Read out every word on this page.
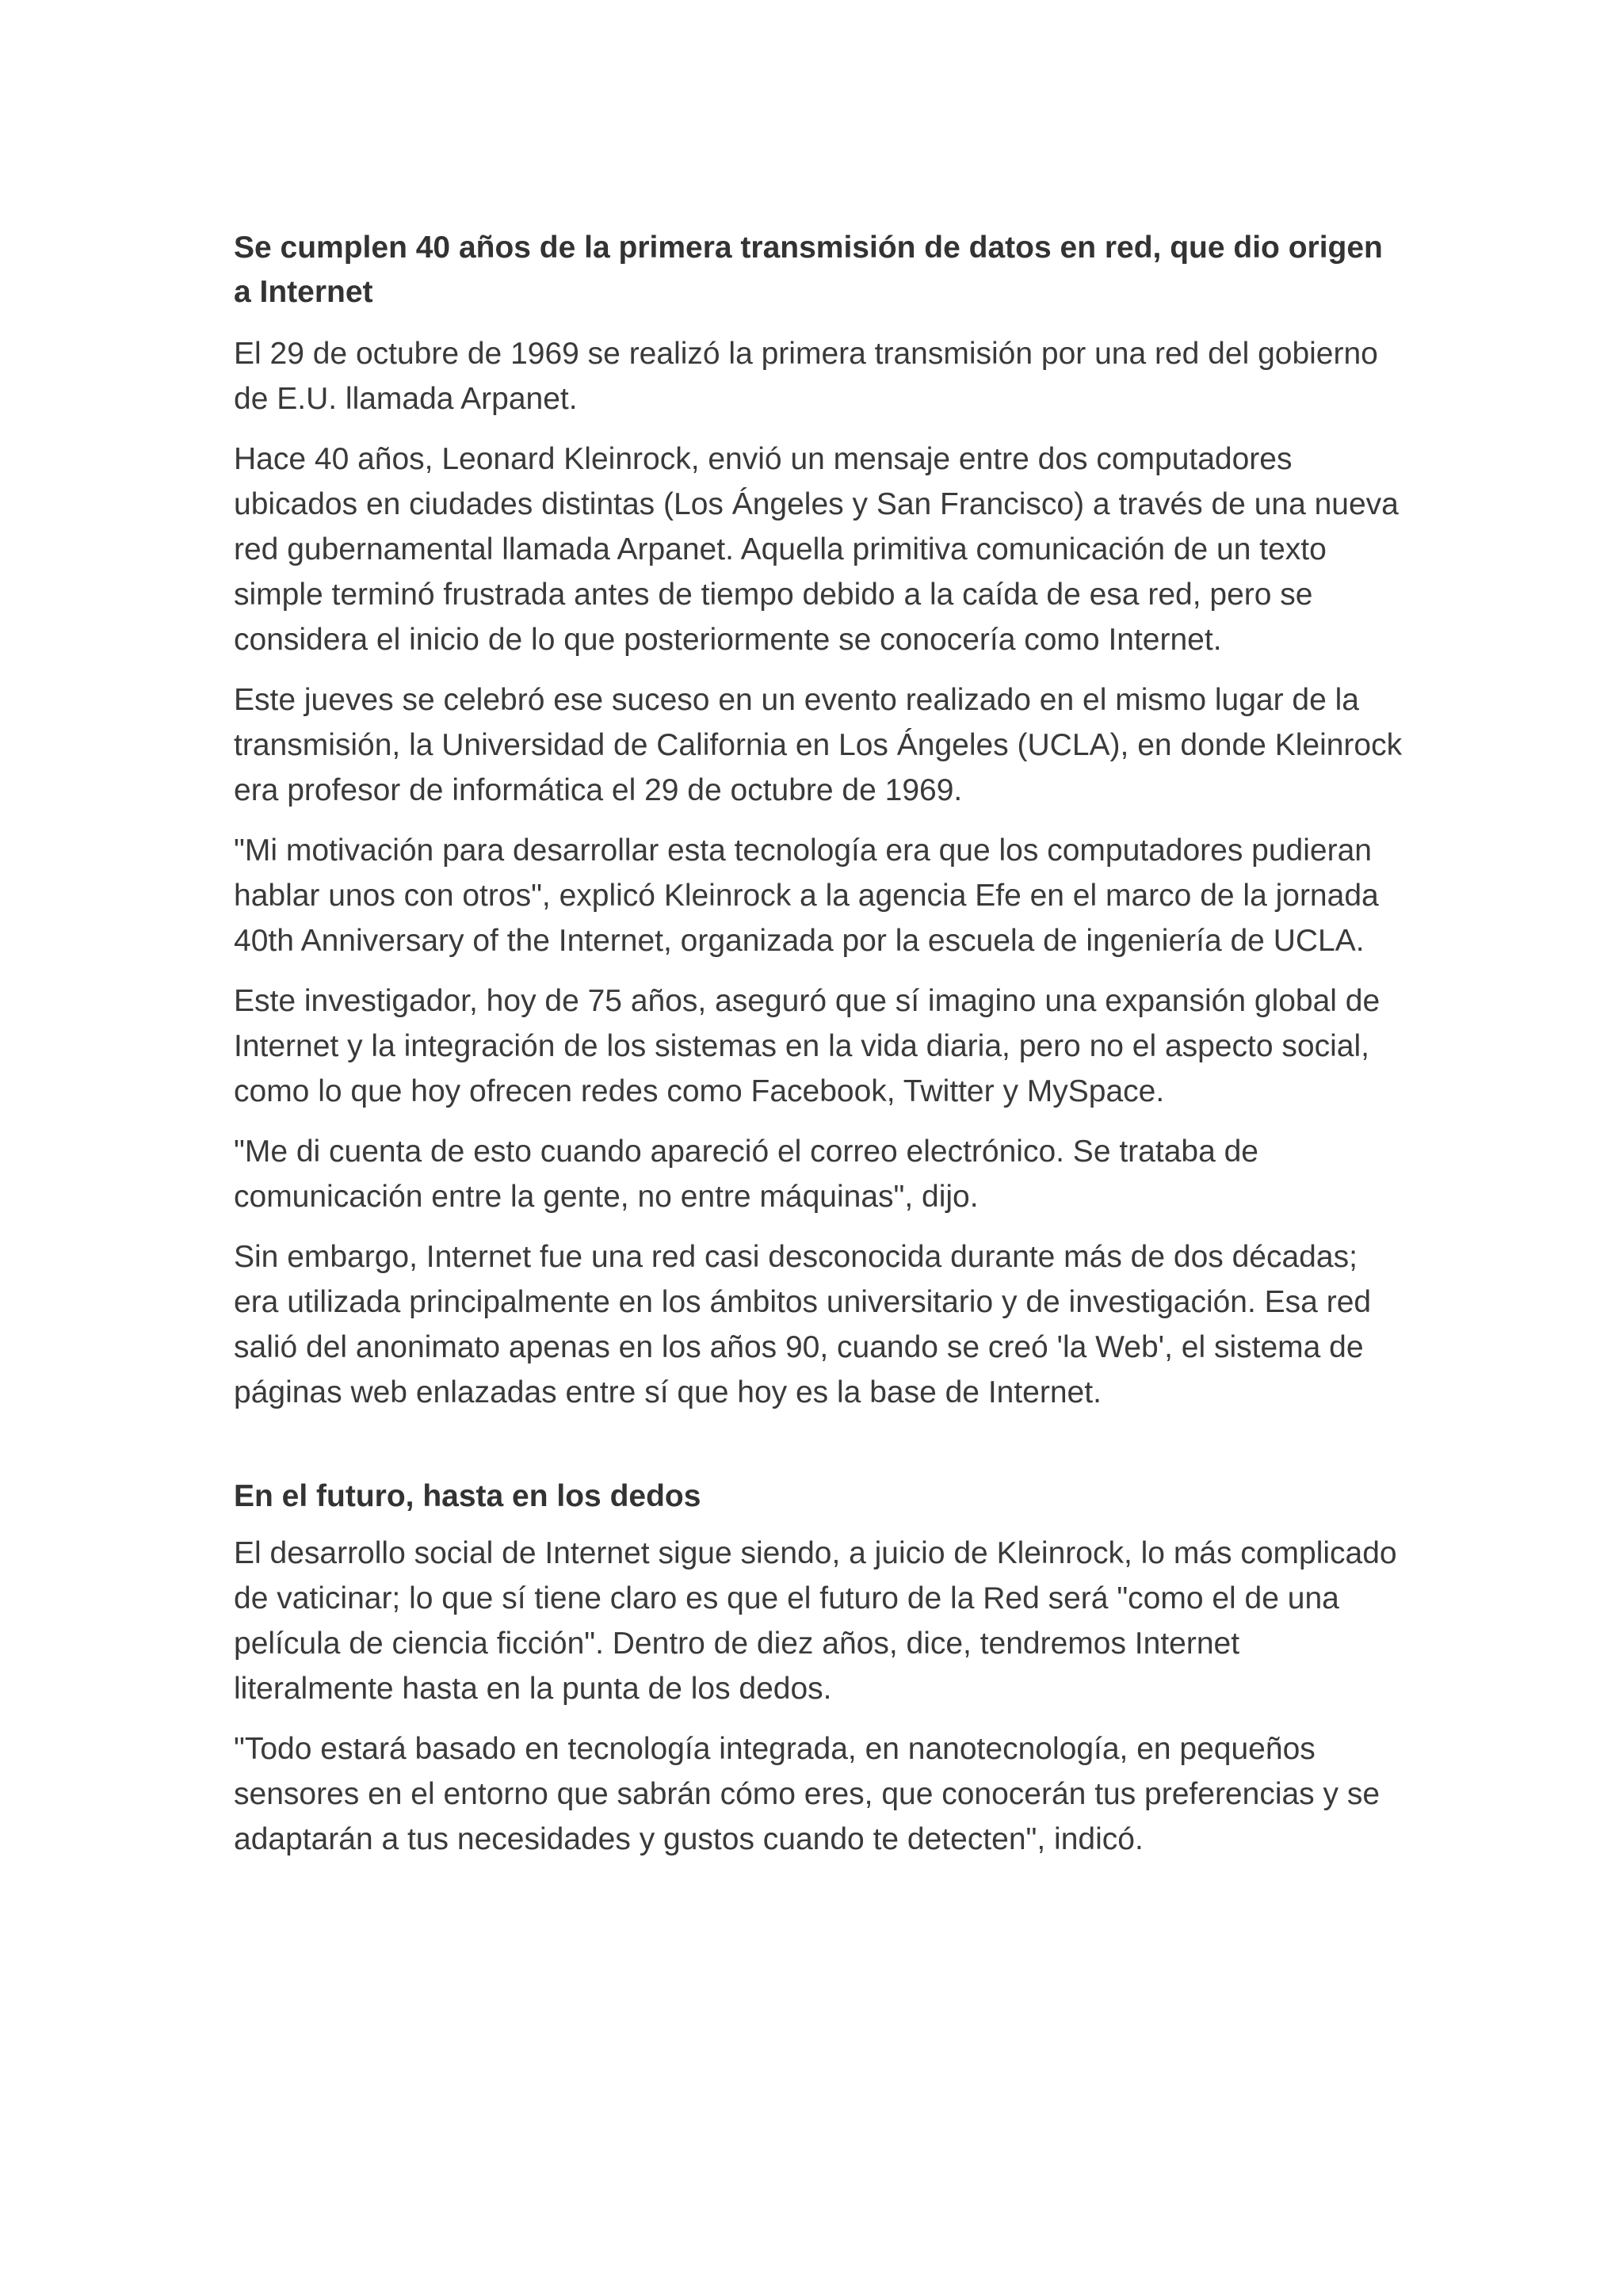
Se cumplen 40 años de la primera transmisión de datos en red, que dio origen a Internet

El 29 de octubre de 1969 se realizó la primera transmisión por una red del gobierno de E.U. llamada Arpanet.

Hace 40 años, Leonard Kleinrock, envió un mensaje entre dos computadores ubicados en ciudades distintas (Los Ángeles y San Francisco) a través de una nueva red gubernamental llamada Arpanet. Aquella primitiva comunicación de un texto simple terminó frustrada antes de tiempo debido a la caída de esa red, pero se considera el inicio de lo que posteriormente se conocería como Internet.

Este jueves se celebró ese suceso en un evento realizado en el mismo lugar de la transmisión, la Universidad de California en Los Ángeles (UCLA), en donde Kleinrock era profesor de informática el 29 de octubre de 1969.

"Mi motivación para desarrollar esta tecnología era que los computadores pudieran hablar unos con otros", explicó Kleinrock a la agencia Efe en el marco de la jornada 40th Anniversary of the Internet, organizada por la escuela de ingeniería de UCLA.

Este investigador, hoy de 75 años, aseguró que sí imagino una expansión global de Internet y la integración de los sistemas en la vida diaria, pero no el aspecto social, como lo que hoy ofrecen redes como Facebook, Twitter y MySpace.

"Me di cuenta de esto cuando apareció el correo electrónico. Se trataba de comunicación entre la gente, no entre máquinas", dijo.

Sin embargo, Internet fue una red casi desconocida durante más de dos décadas; era utilizada principalmente en los ámbitos universitario y de investigación. Esa red salió del anonimato apenas en los años 90, cuando se creó 'la Web', el sistema de páginas web enlazadas entre sí que hoy es la base de Internet.

En el futuro, hasta en los dedos

El desarrollo social de Internet sigue siendo, a juicio de Kleinrock, lo más complicado de vaticinar; lo que sí tiene claro es que el futuro de la Red será "como el de una película de ciencia ficción". Dentro de diez años, dice, tendremos Internet literalmente hasta en la punta de los dedos.

"Todo estará basado en tecnología integrada, en nanotecnología, en pequeños sensores en el entorno que sabrán cómo eres, que conocerán tus preferencias y se adaptarán a tus necesidades y gustos cuando te detecten", indicó.
